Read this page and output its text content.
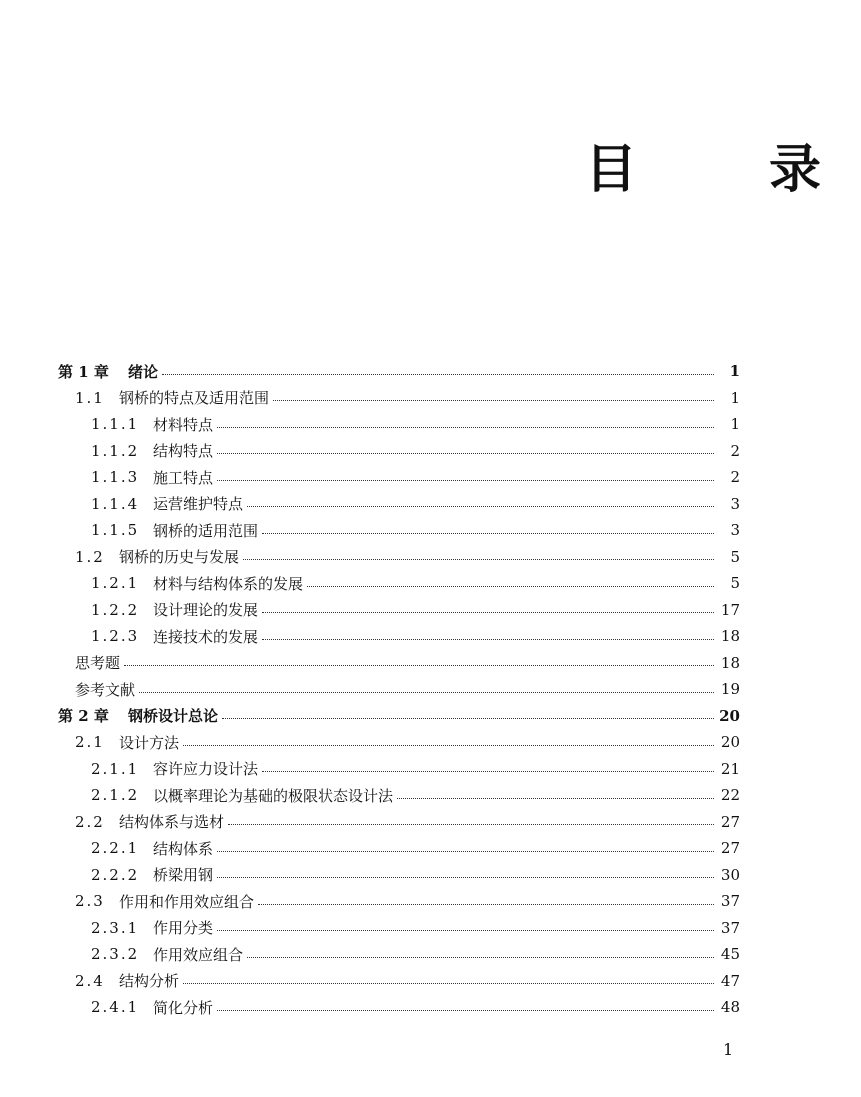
目　录
第 1 章	绪论	1
1.1 钢桥的特点及适用范围	1
1.1.1 材料特点	1
1.1.2 结构特点	2
1.1.3 施工特点	2
1.1.4 运营维护特点	3
1.1.5 钢桥的适用范围	3
1.2 钢桥的历史与发展	5
1.2.1 材料与结构体系的发展	5
1.2.2 设计理论的发展	17
1.2.3 连接技术的发展	18
思考题	18
参考文献	19
第 2 章	钢桥设计总论	20
2.1 设计方法	20
2.1.1 容许应力设计法	21
2.1.2 以概率理论为基础的极限状态设计法	22
2.2 结构体系与选材	27
2.2.1 结构体系	27
2.2.2 桥梁用钢	30
2.3 作用和作用效应组合	37
2.3.1 作用分类	37
2.3.2 作用效应组合	45
2.4 结构分析	47
2.4.1 简化分析	48
1
